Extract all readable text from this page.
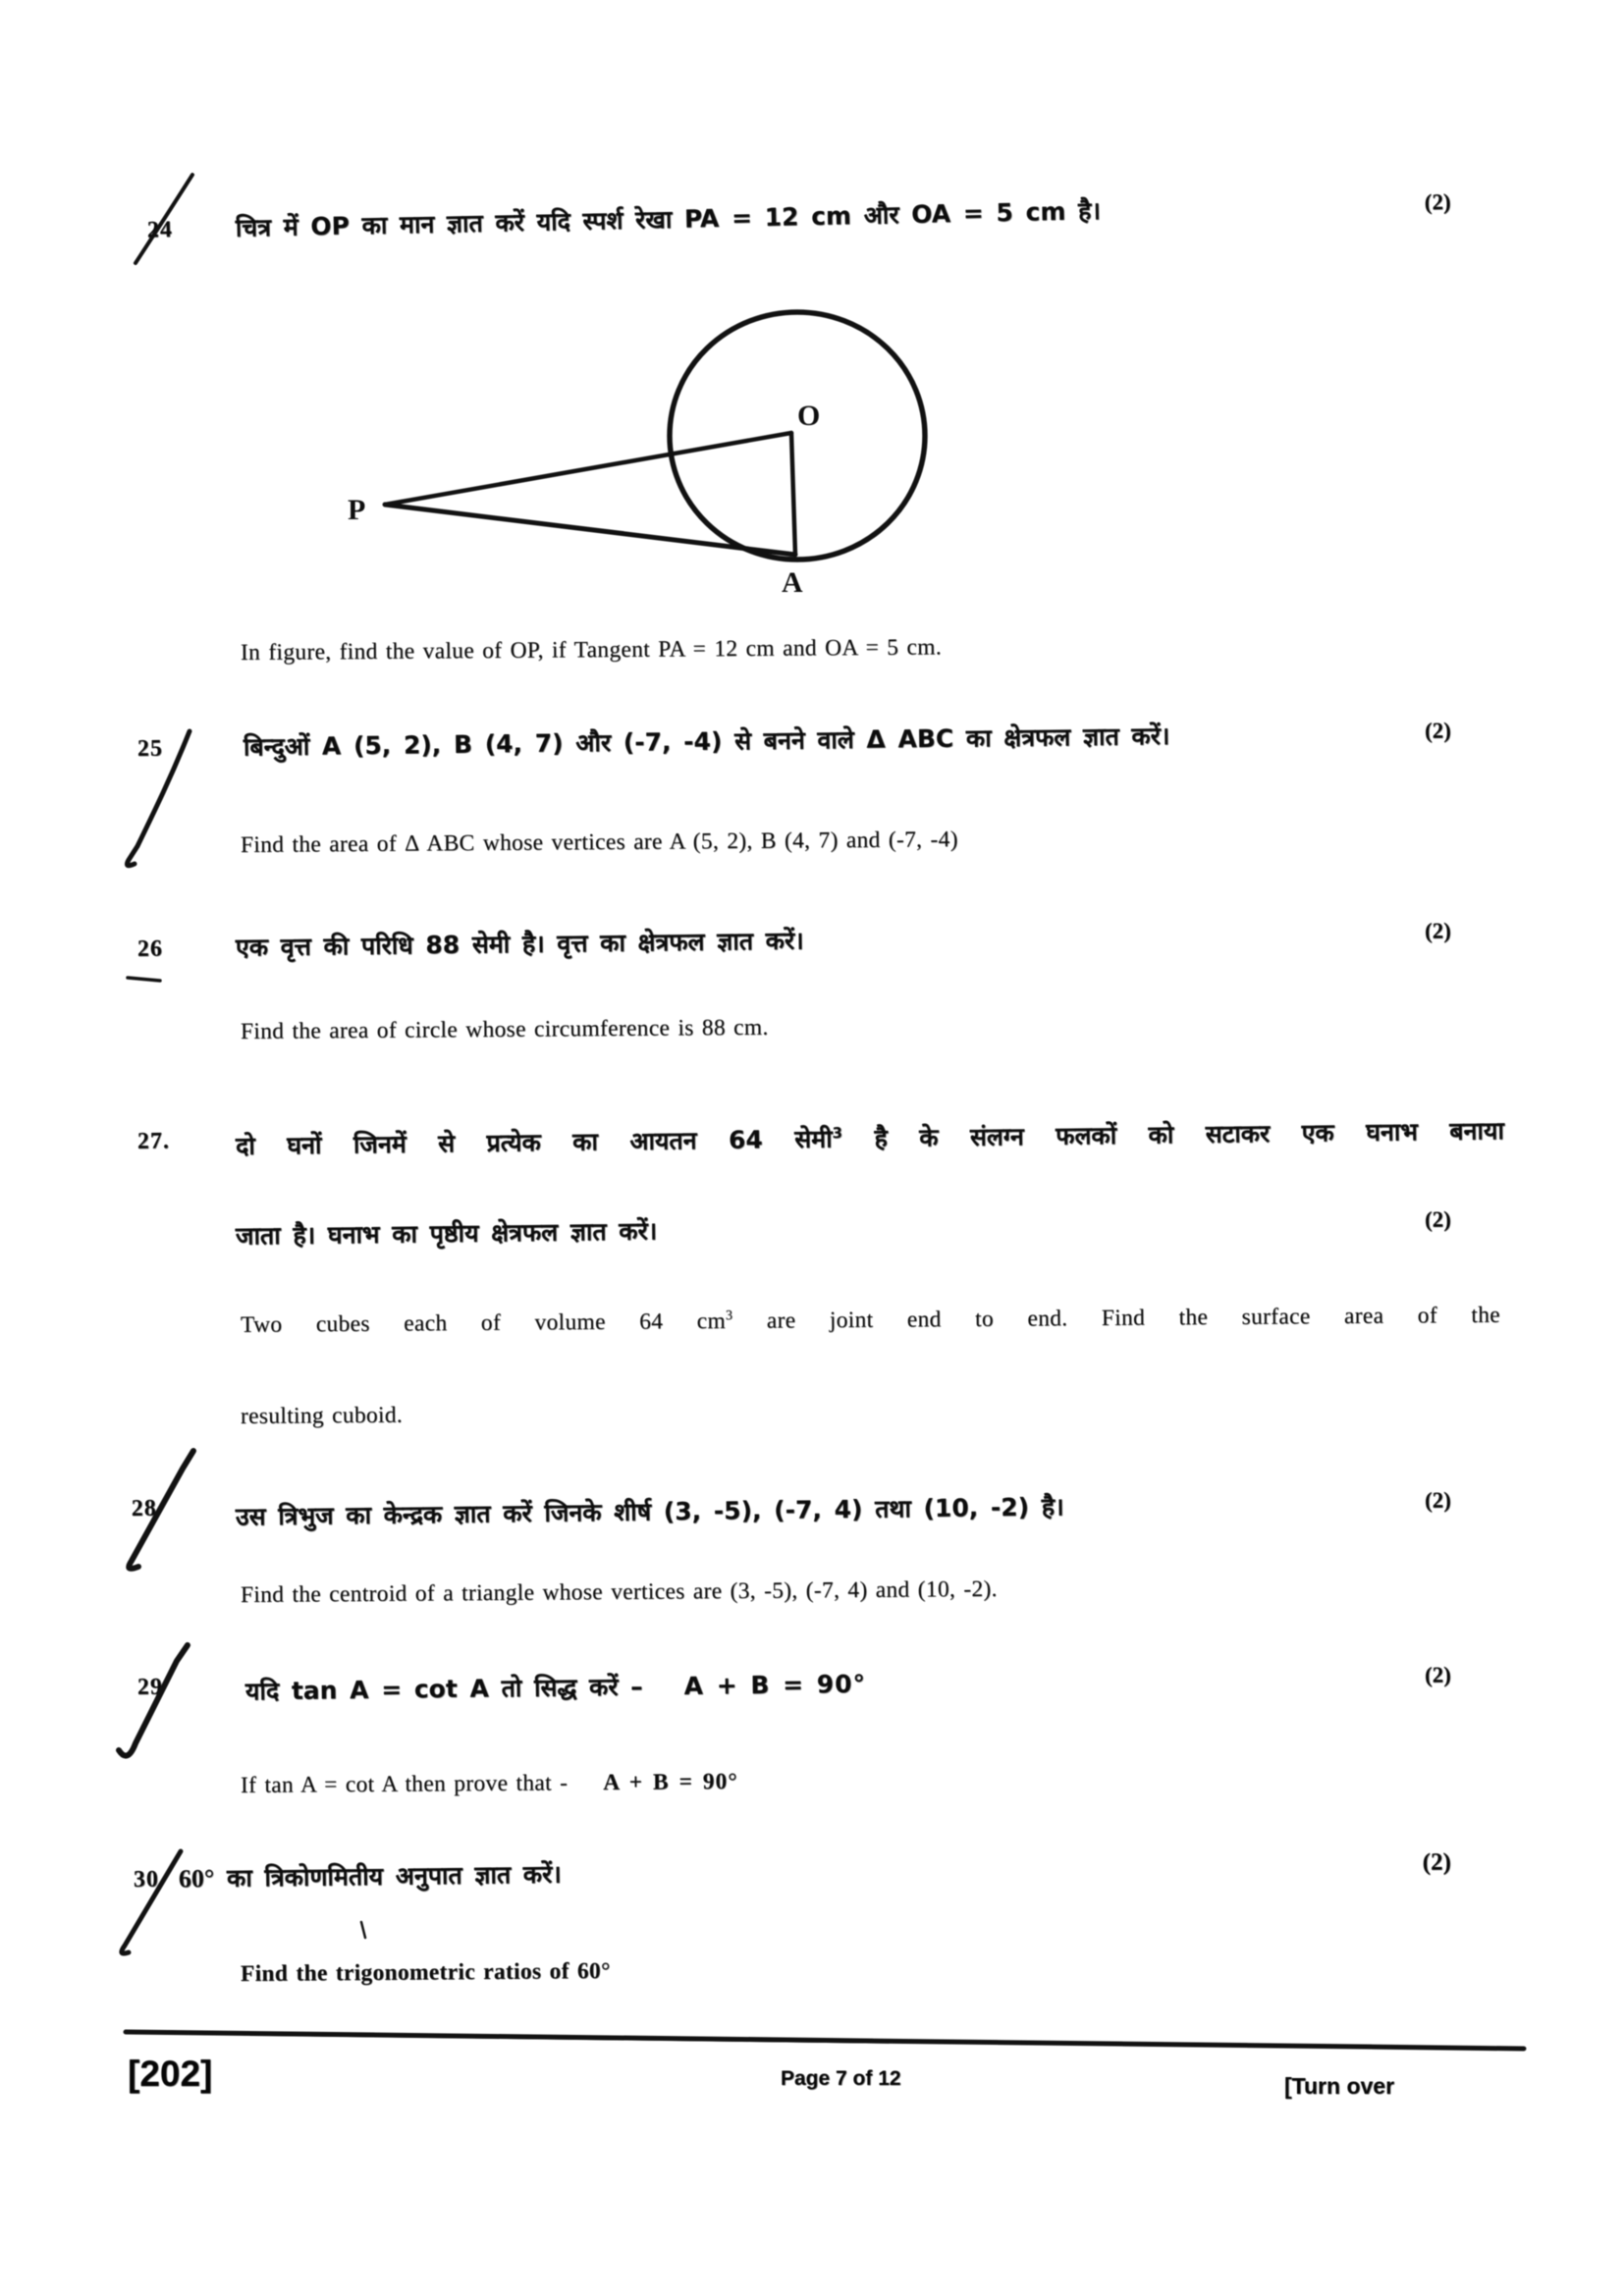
24	चित्र में OP का मान ज्ञात करें यदि स्पर्श रेखा PA = 12 cm और OA = 5 cm है।	(2)
O
P
A
In figure, find the value of OP, if Tangent PA = 12 cm and OA = 5 cm.
25	बिन्दुओं A (5, 2), B (4, 7) और (-7, -4) से बनने वाले Δ ABC का क्षेत्रफल ज्ञात करें।	(2)
Find the area of Δ ABC whose vertices are A (5, 2), B (4, 7) and (-7, -4)
26	एक वृत्त की परिधि 88 सेमी है। वृत्त का क्षेत्रफल ज्ञात करें।	(2)
Find the area of circle whose circumference is 88 cm.
27.	दो घनों जिनमें से प्रत्येक का आयतन 64 सेमी$^3$ है के संलग्न फलकों को सटाकर एक घनाभ बनाया
जाता है। घनाभ का पृष्ठीय क्षेत्रफल ज्ञात करें।	(2)
Two cubes each of volume 64 $cm^3$ are joint end to end. Find the surface area of the
resulting cuboid.
28	उस त्रिभुज का केन्द्रक ज्ञात करें जिनके शीर्ष (3, -5), (-7, 4) तथा (10, -2) है।	(2)
Find the centroid of a triangle whose vertices are (3, -5), (-7, 4) and (10, -2).
29	यदि tan A = cot A तो सिद्ध करें – A + B = 90°	(2)
If tan A = cot A then prove that - A + B = 90°
30 60° का त्रिकोणमितीय अनुपात ज्ञात करें।	(2)
Find the trigonometric ratios of 60°
[202]	Page 7 of 12	[Turn over
